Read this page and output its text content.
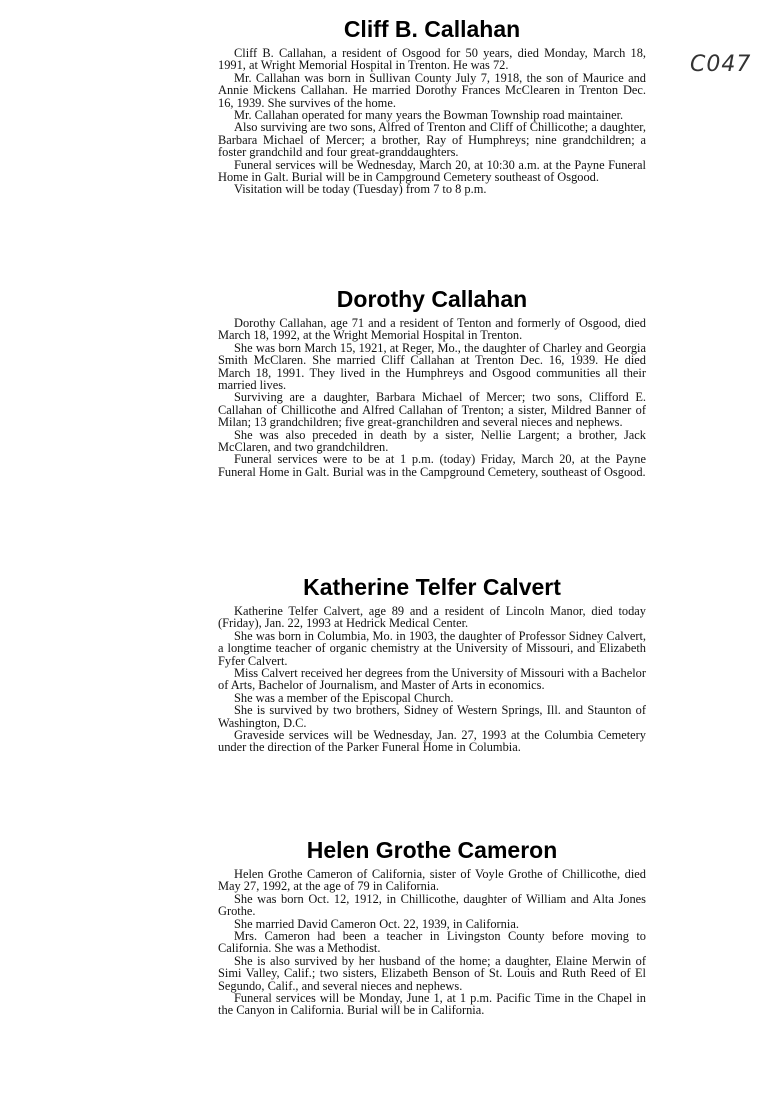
C047
Cliff B. Callahan

Cliff B. Callahan, a resident of Osgood for 50 years, died Monday, March 18, 1991, at Wright Memorial Hospital in Trenton. He was 72.

Mr. Callahan was born in Sullivan County July 7, 1918, the son of Maurice and Annie Mickens Callahan. He married Dorothy Frances McClearen in Trenton Dec. 16, 1939. She survives of the home.

Mr. Callahan operated for many years the Bowman Township road maintainer.

Also surviving are two sons, Alfred of Trenton and Cliff of Chillicothe; a daughter, Barbara Michael of Mercer; a brother, Ray of Humphreys; nine grandchildren; a foster grandchild and four great-granddaughters.

Funeral services will be Wednesday, March 20, at 10:30 a.m. at the Payne Funeral Home in Galt. Burial will be in Campground Cemetery southeast of Osgood.

Visitation will be today (Tuesday) from 7 to 8 p.m.

Dorothy Callahan

Dorothy Callahan, age 71 and a resident of Tenton and formerly of Osgood, died March 18, 1992, at the Wright Memorial Hospital in Trenton.

She was born March 15, 1921, at Reger, Mo., the daughter of Charley and Georgia Smith McClaren. She married Cliff Callahan at Trenton Dec. 16, 1939. He died March 18, 1991. They lived in the Humphreys and Osgood communities all their married lives.

Surviving are a daughter, Barbara Michael of Mercer; two sons, Clifford E. Callahan of Chillicothe and Alfred Callahan of Trenton; a sister, Mildred Banner of Milan; 13 grandchildren; five great-granchildren and several nieces and nephews.

She was also preceded in death by a sister, Nellie Largent; a brother, Jack McClaren, and two grandchildren.

Funeral services were to be at 1 p.m. (today) Friday, March 20, at the Payne Funeral Home in Galt. Burial was in the Campground Cemetery, southeast of Osgood.

Katherine Telfer Calvert

Katherine Telfer Calvert, age 89 and a resident of Lincoln Manor, died today (Friday), Jan. 22, 1993 at Hedrick Medical Center.

She was born in Columbia, Mo. in 1903, the daughter of Professor Sidney Calvert, a longtime teacher of organic chemistry at the University of Missouri, and Elizabeth Fyfer Calvert.

Miss Calvert received her degrees from the University of Missouri with a Bachelor of Arts, Bachelor of Journalism, and Master of Arts in economics.

She was a member of the Episcopal Church.

She is survived by two brothers, Sidney of Western Springs, Ill. and Staunton of Washington, D.C.

Graveside services will be Wednesday, Jan. 27, 1993 at the Columbia Cemetery under the direction of the Parker Funeral Home in Columbia.

Helen Grothe Cameron

Helen Grothe Cameron of California, sister of Voyle Grothe of Chillicothe, died May 27, 1992, at the age of 79 in California.

She was born Oct. 12, 1912, in Chillicothe, daughter of William and Alta Jones Grothe.

She married David Cameron Oct. 22, 1939, in California.

Mrs. Cameron had been a teacher in Livingston County before moving to California. She was a Methodist.

She is also survived by her husband of the home; a daughter, Elaine Merwin of Simi Valley, Calif.; two sisters, Elizabeth Benson of St. Louis and Ruth Reed of El Segundo, Calif., and several nieces and nephews.

Funeral services will be Monday, June 1, at 1 p.m. Pacific Time in the Chapel in the Canyon in California. Burial will be in California.
